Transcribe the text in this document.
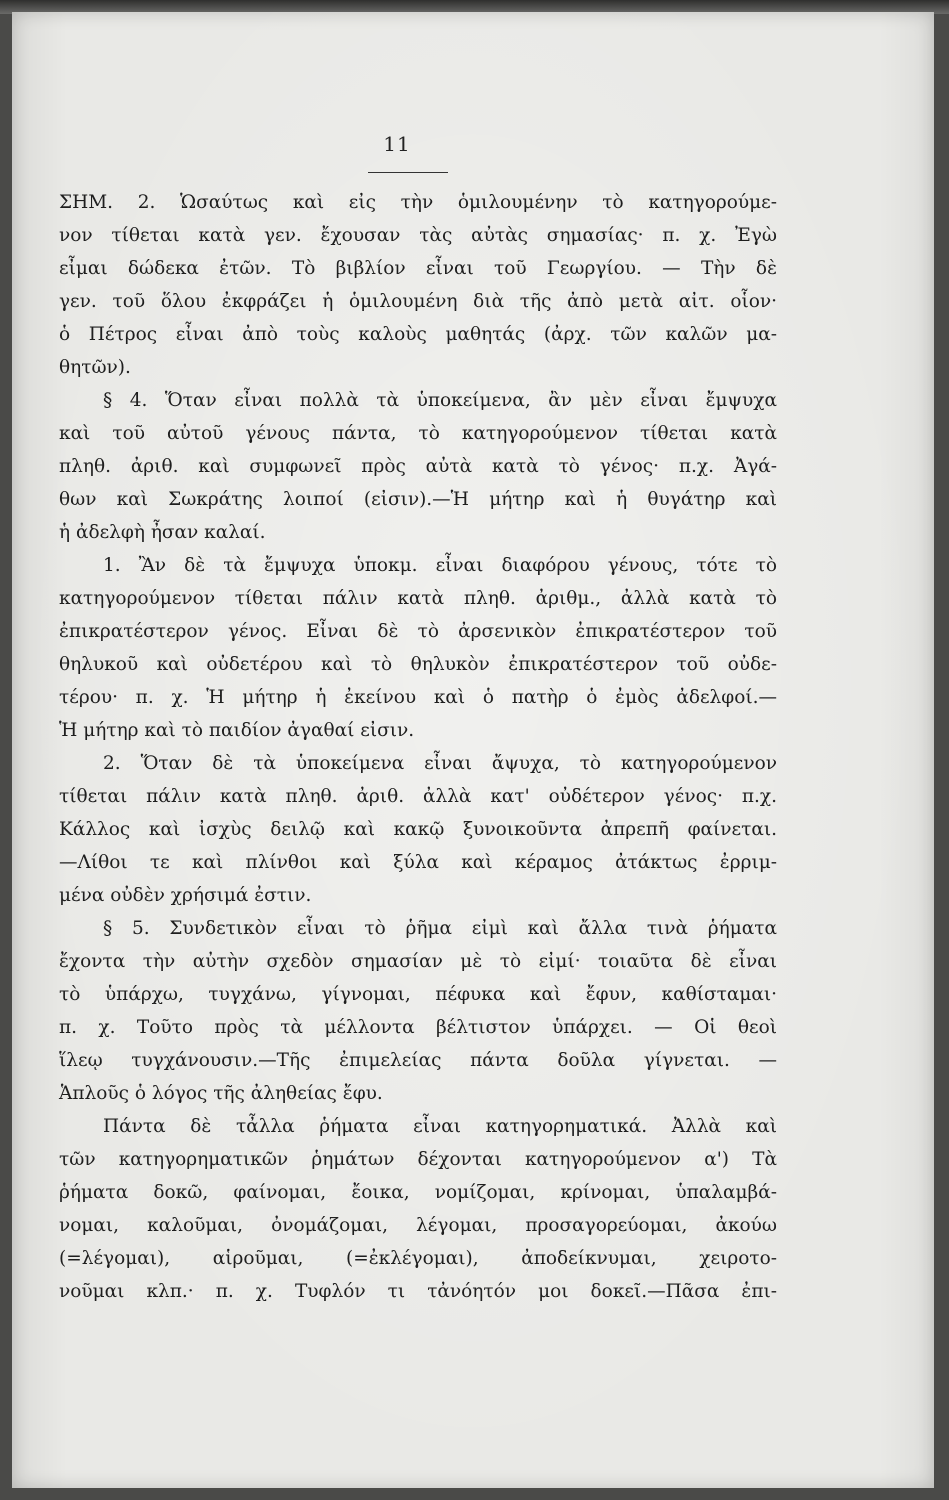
11
ΣΗΜ. 2. Ὡσαύτως καὶ εἰς τὴν ὁμιλουμένην τὸ κατηγορούμε-
νον τίθεται κατὰ γεν. ἔχουσαν τὰς αὐτὰς σημασίας· π. χ. Ἐγὼ
εἶμαι δώδεκα ἐτῶν. Τὸ βιβλίον εἶναι τοῦ Γεωργίου. — Τὴν δὲ
γεν. τοῦ ὅλου ἐκφράζει ἡ ὁμιλουμένη διὰ τῆς ἀπὸ μετὰ αἰτ. οἷον·
ὁ Πέτρος εἶναι ἀπὸ τοὺς καλοὺς μαθητάς (ἀρχ. τῶν καλῶν μα-
θητῶν).
§ 4. Ὅταν εἶναι πολλὰ τὰ ὑποκείμενα, ἂν μὲν εἶναι ἔμψυχα
καὶ τοῦ αὐτοῦ γένους πάντα, τὸ κατηγορούμενον τίθεται κατὰ
πληθ. ἀριθ. καὶ συμφωνεῖ πρὸς αὐτὰ κατὰ τὸ γένος· π.χ. Ἀγά-
θων καὶ Σωκράτης λοιποί (εἰσιν).—Ἡ μήτηρ καὶ ἡ θυγάτηρ καὶ
ἡ ἀδελφὴ ἦσαν καλαί.
1. Ἂν δὲ τὰ ἔμψυχα ὑποκμ. εἶναι διαφόρου γένους, τότε τὸ
κατηγορούμενον τίθεται πάλιν κατὰ πληθ. ἀριθμ., ἀλλὰ κατὰ τὸ
ἐπικρατέστερον γένος. Εἶναι δὲ τὸ ἀρσενικὸν ἐπικρατέστερον τοῦ
θηλυκοῦ καὶ οὐδετέρου καὶ τὸ θηλυκὸν ἐπικρατέστερον τοῦ οὐδε-
τέρου· π. χ. Ἡ μήτηρ ἡ ἐκείνου καὶ ὁ πατὴρ ὁ ἐμὸς ἀδελφοί.—
Ἡ μήτηρ καὶ τὸ παιδίον ἀγαθαί εἰσιν.
2. Ὅταν δὲ τὰ ὑποκείμενα εἶναι ἄψυχα, τὸ κατηγορούμενον
τίθεται πάλιν κατὰ πληθ. ἀριθ. ἀλλὰ κατ' οὐδέτερον γένος· π.χ.
Κάλλος καὶ ἰσχὺς δειλῷ καὶ κακῷ ξυνοικοῦντα ἀπρεπῆ φαίνεται.
—Λίθοι τε καὶ πλίνθοι καὶ ξύλα καὶ κέραμος ἀτάκτως ἐρριμ-
μένα οὐδὲν χρήσιμά ἐστιν.
§ 5. Συνδετικὸν εἶναι τὸ ῥῆμα εἰμὶ καὶ ἄλλα τινὰ ῥήματα
ἔχοντα τὴν αὐτὴν σχεδὸν σημασίαν μὲ τὸ εἰμί· τοιαῦτα δὲ εἶναι
τὸ ὑπάρχω, τυγχάνω, γίγνομαι, πέφυκα καὶ ἔφυν, καθίσταμαι·
π. χ. Τοῦτο πρὸς τὰ μέλλοντα βέλτιστον ὑπάρχει. — Οἱ θεοὶ
ἵλεῳ τυγχάνουσιν.—Τῆς ἐπιμελείας πάντα δοῦλα γίγνεται. —
Ἁπλοῦς ὁ λόγος τῆς ἀληθείας ἔφυ.
Πάντα δὲ τἆλλα ῥήματα εἶναι κατηγορηματικά. Ἀλλὰ καὶ
τῶν κατηγορηματικῶν ῥημάτων δέχονται κατηγορούμενον α') Τὰ
ῥήματα δοκῶ, φαίνομαι, ἔοικα, νομίζομαι, κρίνομαι, ὑπαλαμβά-
νομαι, καλοῦμαι, ὀνομάζομαι, λέγομαι, προσαγορεύομαι, ἀκούω
(=λέγομαι), αἱροῦμαι, (=ἐκλέγομαι), ἀποδείκνυμαι, χειροτο-
νοῦμαι κλπ.· π. χ. Τυφλόν τι τἀνόητόν μοι δοκεῖ.—Πᾶσα ἐπι-
